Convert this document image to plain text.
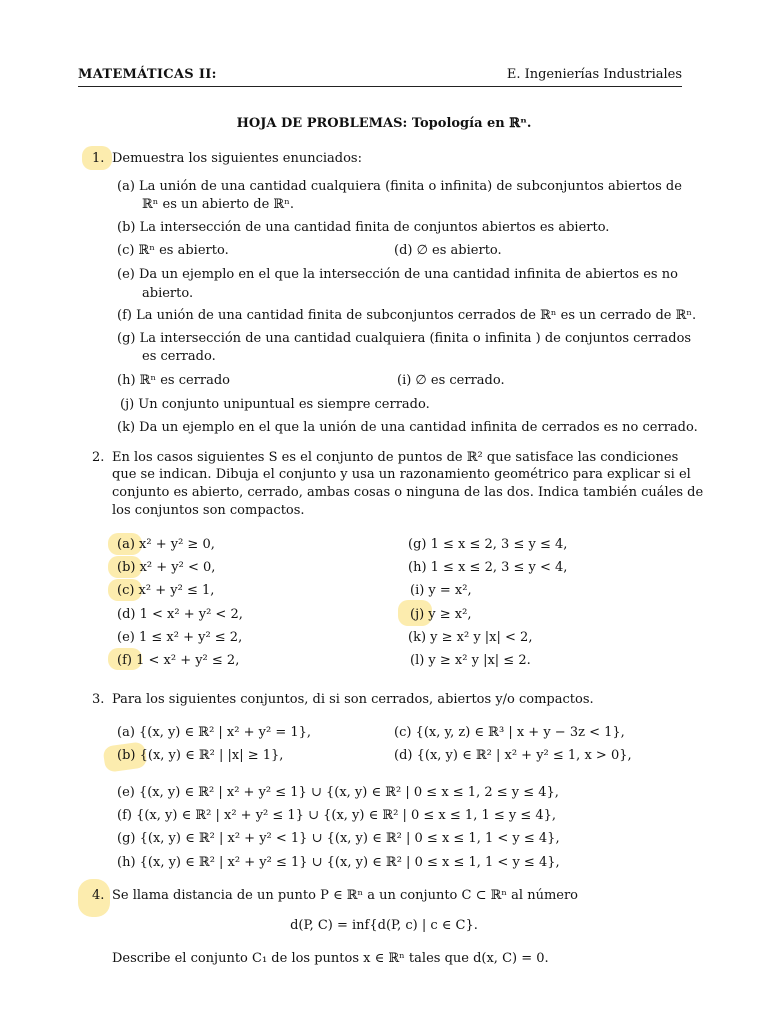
MATEMÁTICAS II:	E. Ingenierías Industriales
HOJA DE PROBLEMAS: Topología en ℝⁿ.
1. Demuestra los siguientes enunciados:
(a) La unión de una cantidad cualquiera (finita o infinita) de subconjuntos abiertos de
ℝⁿ es un abierto de ℝⁿ.
(b) La intersección de una cantidad finita de conjuntos abiertos es abierto.
(c) ℝⁿ es abierto.	(d) ∅ es abierto.
(e) Da un ejemplo en el que la intersección de una cantidad infinita de abiertos es no
abierto.
(f) La unión de una cantidad finita de subconjuntos cerrados de ℝⁿ es un cerrado de ℝⁿ.
(g) La intersección de una cantidad cualquiera (finita o infinita ) de conjuntos cerrados
es cerrado.
(h) ℝⁿ es cerrado	(i) ∅ es cerrado.
(j) Un conjunto unipuntual es siempre cerrado.
(k) Da un ejemplo en el que la unión de una cantidad infinita de cerrados es no cerrado.
2. En los casos siguientes S es el conjunto de puntos de ℝ² que satisface las condiciones
que se indican. Dibuja el conjunto y usa un razonamiento geométrico para explicar si el
conjunto es abierto, cerrado, ambas cosas o ninguna de las dos. Indica también cuáles de
los conjuntos son compactos.
(a) x² + y² ≥ 0,
(b) x² + y² < 0,
(c) x² + y² ≤ 1,
(d) 1 < x² + y² < 2,
(e) 1 ≤ x² + y² ≤ 2,
(f) 1 < x² + y² ≤ 2,
(g) 1 ≤ x ≤ 2, 3 ≤ y ≤ 4,
(h) 1 ≤ x ≤ 2, 3 ≤ y < 4,
(i) y = x²,
(j) y ≥ x²,
(k) y ≥ x² y |x| < 2,
(l) y ≥ x² y |x| ≤ 2.
3. Para los siguientes conjuntos, di si son cerrados, abiertos y/o compactos.
(a) {(x, y) ∈ ℝ² | x² + y² = 1},	(c) {(x, y, z) ∈ ℝ³ | x + y − 3z < 1},
(b) {(x, y) ∈ ℝ² | |x| ≥ 1},	(d) {(x, y) ∈ ℝ² | x² + y² ≤ 1, x > 0},
(e) {(x, y) ∈ ℝ² | x² + y² ≤ 1} ∪ {(x, y) ∈ ℝ² | 0 ≤ x ≤ 1, 2 ≤ y ≤ 4},
(f) {(x, y) ∈ ℝ² | x² + y² ≤ 1} ∪ {(x, y) ∈ ℝ² | 0 ≤ x ≤ 1, 1 ≤ y ≤ 4},
(g) {(x, y) ∈ ℝ² | x² + y² < 1} ∪ {(x, y) ∈ ℝ² | 0 ≤ x ≤ 1, 1 < y ≤ 4},
(h) {(x, y) ∈ ℝ² | x² + y² ≤ 1} ∪ {(x, y) ∈ ℝ² | 0 ≤ x ≤ 1, 1 < y ≤ 4},
4. Se llama distancia de un punto P ∈ ℝⁿ a un conjunto C ⊂ ℝⁿ al número
d(P, C) = inf{d(P, c) | c ∈ C}.
Describe el conjunto C₁ de los puntos x ∈ ℝⁿ tales que d(x, C) = 0.
